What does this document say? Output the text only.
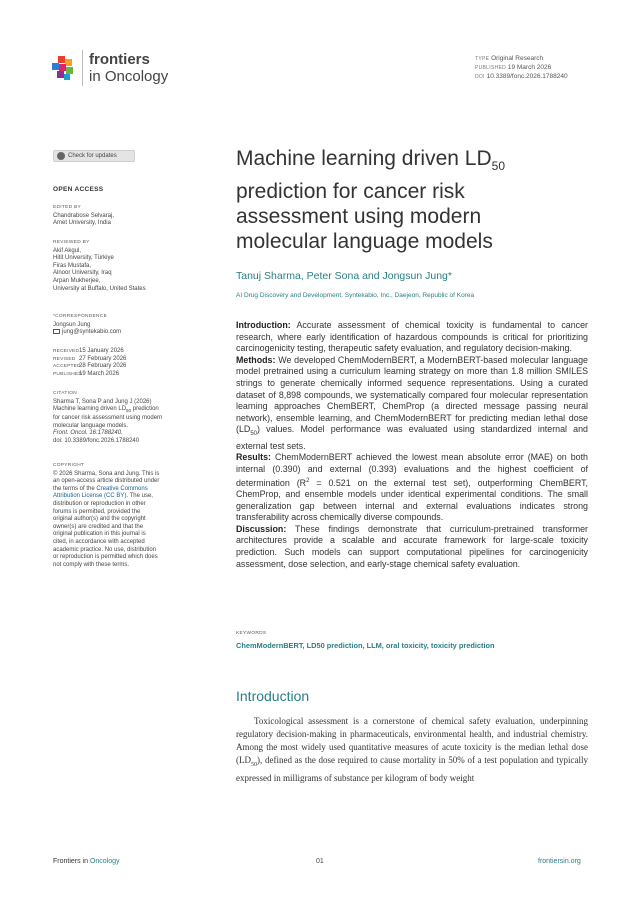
frontiers
in Oncology
TYPE Original Research
PUBLISHED 19 March 2026
DOI 10.3389/fonc.2026.1788240
Check for updates
OPEN ACCESS
EDITED BY
Chandrabose Selvaraj,
Amet University, India
REVIEWED BY
Akif Akgul,
Hitit University, Türkiye
Firas Mustafa,
Alnoor University, Iraq
Arpan Mukherjee,
University at Buffalo, United States
*CORRESPONDENCE
Jongsun Jung
jung@syntekabio.com
RECEIVED15 January 2026
REVISED 27 February 2026
ACCEPTED28 February 2026
PUBLISHED19 March 2026
CITATION
Sharma T, Sona P and Jung J (2026)
Machine learning driven $LD_{50}$ prediction
for cancer risk assessment using modern
molecular language models.
Front. Oncol. 16:1788240.
doi: 10.3389/fonc.2026.1788240
COPYRIGHT
© 2026 Sharma, Sona and Jung. This is
an open-access article distributed under
the terms of the Creative Commons
Attribution License (CC BY). The use,
distribution or reproduction in other
forums is permitted, provided the
original author(s) and the copyright
owner(s) are credited and that the
original publication in this journal is
cited, in accordance with accepted
academic practice. No use, distribution
or reproduction is permitted which does
not comply with these terms.
Machine learning driven $LD_{50}$
prediction for cancer risk
assessment using modern
molecular language models
Tanuj Sharma, Peter Sona and Jongsun Jung*
AI Drug Discovery and Development, Syntekabio, Inc., Daejeon, Republic of Korea

Introduction: Accurate assessment of chemical toxicity is fundamental to cancer research, where early identification of hazardous compounds is critical for prioritizing carcinogenicity testing, therapeutic safety evaluation, and regulatory decision-making.

Methods: We developed ChemModernBERT, a ModernBERT-based molecular language model pretrained using a curriculum learning strategy on more than 1.8 million SMILES strings to generate chemically informed sequence representations. Using a curated dataset of 8,898 compounds, we systematically compared four molecular representation learning approaches ChemBERT, ChemProp (a directed message passing neural network), ensemble learning, and ChemModernBERT for predicting median lethal dose $(LD_{50})$ values. Model performance was evaluated using standardized internal and external test sets.

Results: ChemModernBERT achieved the lowest mean absolute error (MAE) on both internal (0.390) and external (0.393) evaluations and the highest coefficient of determination ($R^2 = 0.521$ on the external test set), outperforming ChemBERT, ChemProp, and ensemble models under identical experimental conditions. The small generalization gap between internal and external evaluations indicates strong transferability across chemically diverse compounds.

Discussion: These findings demonstrate that curriculum-pretrained transformer architectures provide a scalable and accurate framework for large-scale toxicity prediction. Such models can support computational pipelines for carcinogenicity assessment, dose selection, and early-stage chemical safety evaluation.

KEYWORDS
ChemModernBERT, LD50 prediction, LLM, oral toxicity, toxicity prediction
Introduction

Toxicological assessment is a cornerstone of chemical safety evaluation, underpinning regulatory decision-making in pharmaceuticals, environmental health, and industrial chemistry. Among the most widely used quantitative measures of acute toxicity is the median lethal dose $(LD_{50})$, defined as the dose required to cause mortality in 50% of a test population and typically expressed in milligrams of substance per kilogram of body weight

Frontiers in Oncology	01	frontiersin.org
